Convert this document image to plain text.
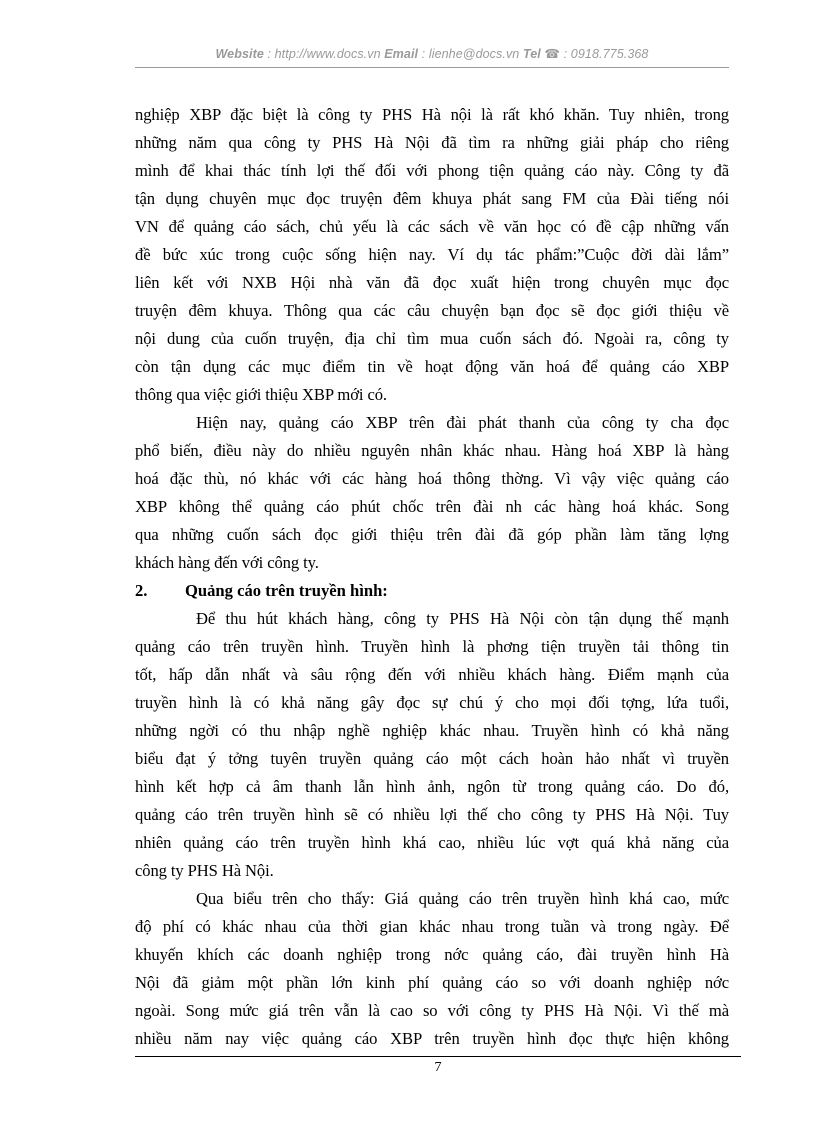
Website : http://www.docs.vn Email : lienhe@docs.vn Tel ☎ : 0918.775.368
nghiệp XBP đặc biệt là công ty PHS Hà nội là rất khó khăn. Tuy nhiên, trong
những năm qua công ty PHS Hà Nội đã tìm ra những giải pháp cho riêng
mình để khai thác tính lợi thế đối với phong tiện quảng cáo này. Công ty đã
tận dụng chuyên mục đọc truyện đêm khuya phát sang FM của Đài tiếng nói
VN để quảng cáo sách, chủ yếu là các sách về văn học có đề cập những vấn
đề bức xúc trong cuộc sống hiện nay. Ví dụ tác phẩm:”Cuộc đời dài lắm”
liên kết với NXB Hội nhà văn đã đọc xuất hiện trong chuyên mục đọc
truyện đêm khuya. Thông qua các câu chuyện bạn đọc sẽ đọc giới thiệu về
nội dung của cuốn truyện, địa chỉ tìm mua cuốn sách đó. Ngoài ra, công ty
còn tận dụng các mục điểm tin về hoạt động văn hoá để quảng cáo XBP
thông qua việc giới thiệu XBP mới có.
Hiện nay, quảng cáo XBP trên đài phát thanh của công ty cha đọc
phổ biến, điều này do nhiều nguyên nhân khác nhau. Hàng hoá XBP là hàng
hoá đặc thù, nó khác với các hàng hoá thông thờng. Vì vậy việc quảng cáo
XBP không thể quảng cáo phút chốc trên đài nh các hàng hoá khác. Song
qua những cuốn sách đọc giới thiệu trên đài đã góp phần làm tăng lợng
khách hàng đến với công ty.
2. Quảng cáo trên truyền hình:
Để thu hút khách hàng, công ty PHS Hà Nội còn tận dụng thế mạnh
quảng cáo trên truyền hình. Truyền hình là phơng tiện truyền tải thông tin
tốt, hấp dẫn nhất và sâu rộng đến với nhiều khách hàng. Điểm mạnh của
truyền hình là có khả năng gây đọc sự chú ý cho mọi đối tợng, lứa tuổi,
những ngời có thu nhập nghề nghiệp khác nhau. Truyền hình có khả năng
biểu đạt ý tởng tuyên truyền quảng cáo một cách hoàn hảo nhất vì truyền
hình kết hợp cả âm thanh lẫn hình ảnh, ngôn từ trong quảng cáo. Do đó,
quảng cáo trên truyền hình sẽ có nhiều lợi thế cho công ty PHS Hà Nội. Tuy
nhiên quảng cáo trên truyền hình khá cao, nhiều lúc vợt quá khả năng của
công ty PHS Hà Nội.
Qua biểu trên cho thấy: Giá quảng cáo trên truyền hình khá cao, mức
độ phí có khác nhau của thời gian khác nhau trong tuần và trong ngày. Để
khuyến khích các doanh nghiệp trong nớc quảng cáo, đài truyền hình Hà
Nội đã giảm một phần lớn kinh phí quảng cáo so với doanh nghiệp nớc
ngoài. Song mức giá trên vẫn là cao so với công ty PHS Hà Nội. Vì thế mà
nhiều năm nay việc quảng cáo XBP trên truyền hình đọc thực hiện không
7
